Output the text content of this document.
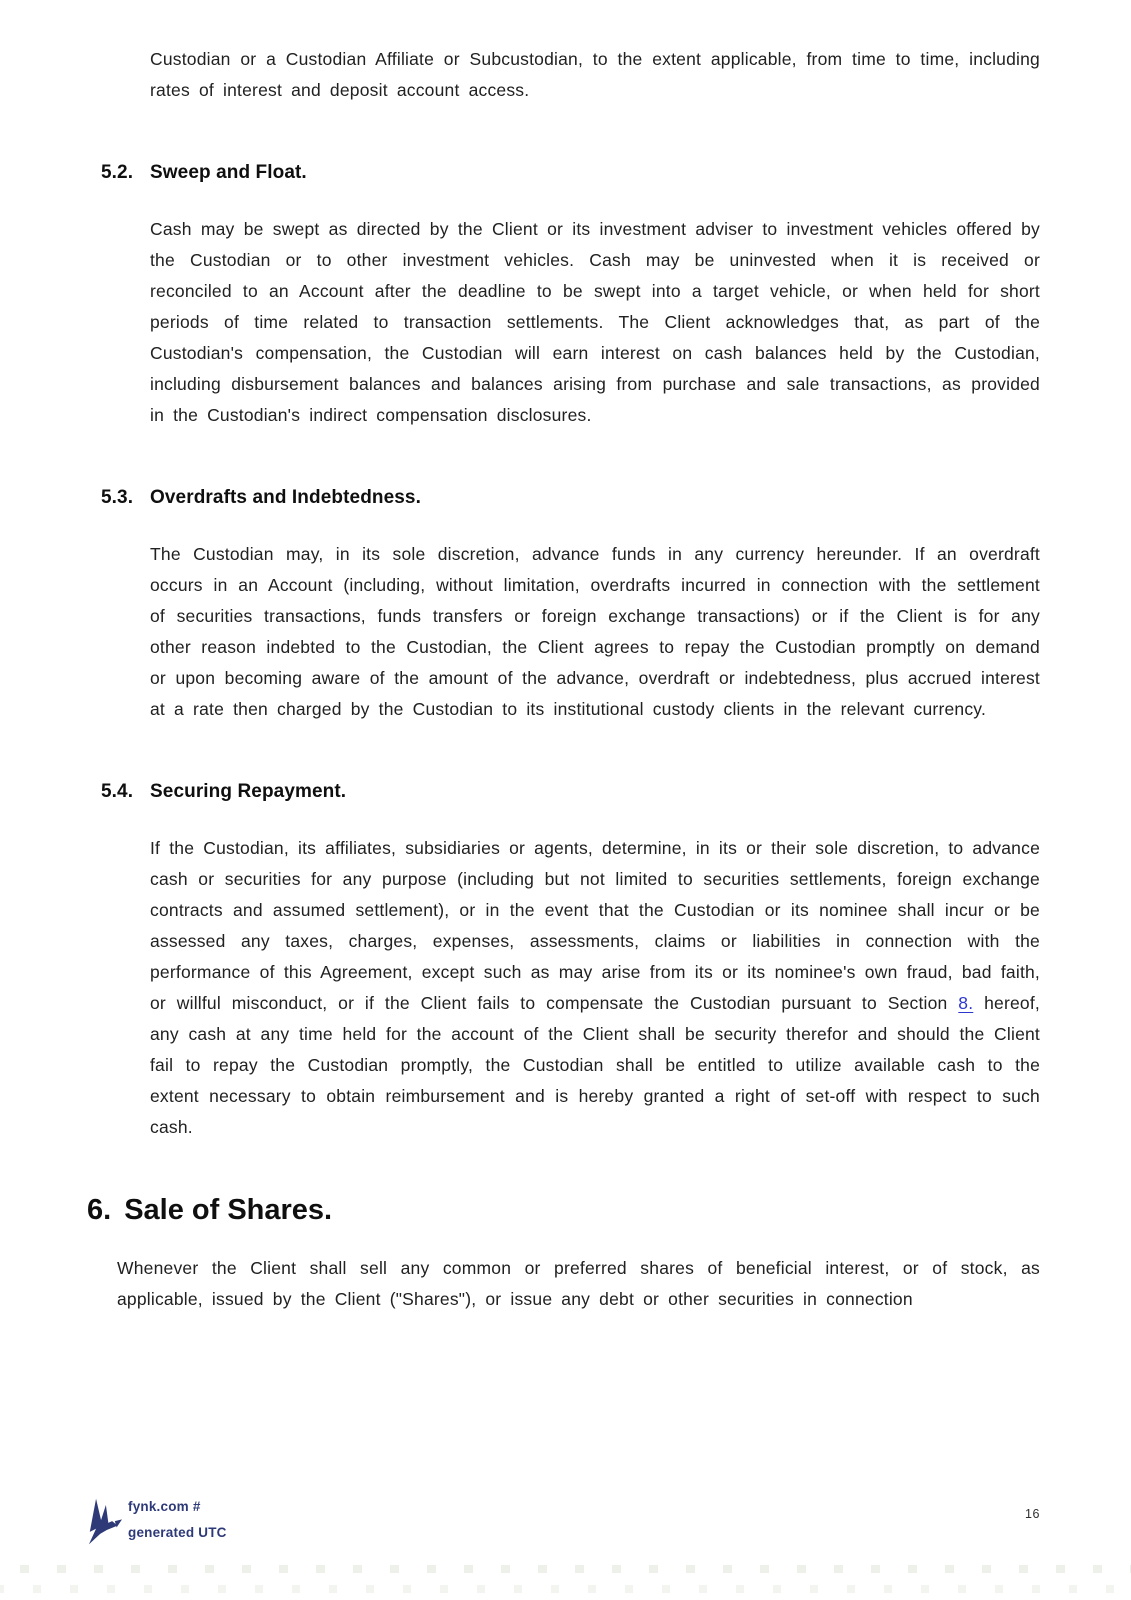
Custodian or a Custodian Affiliate or Subcustodian, to the extent applicable, from time to time, including rates of interest and deposit account access.

5.2. Sweep and Float.

Cash may be swept as directed by the Client or its investment adviser to investment vehicles offered by the Custodian or to other investment vehicles. Cash may be uninvested when it is received or reconciled to an Account after the deadline to be swept into a target vehicle, or when held for short periods of time related to transaction settlements. The Client acknowledges that, as part of the Custodian's compensation, the Custodian will earn interest on cash balances held by the Custodian, including disbursement balances and balances arising from purchase and sale transactions, as provided in the Custodian's indirect compensation disclosures.

5.3. Overdrafts and Indebtedness.

The Custodian may, in its sole discretion, advance funds in any currency hereunder. If an overdraft occurs in an Account (including, without limitation, overdrafts incurred in connection with the settlement of securities transactions, funds transfers or foreign exchange transactions) or if the Client is for any other reason indebted to the Custodian, the Client agrees to repay the Custodian promptly on demand or upon becoming aware of the amount of the advance, overdraft or indebtedness, plus accrued interest at a rate then charged by the Custodian to its institutional custody clients in the relevant currency.

5.4. Securing Repayment.

If the Custodian, its affiliates, subsidiaries or agents, determine, in its or their sole discretion, to advance cash or securities for any purpose (including but not limited to securities settlements, foreign exchange contracts and assumed settlement), or in the event that the Custodian or its nominee shall incur or be assessed any taxes, charges, expenses, assessments, claims or liabilities in connection with the performance of this Agreement, except such as may arise from its or its nominee's own fraud, bad faith, or willful misconduct, or if the Client fails to compensate the Custodian pursuant to Section 8. hereof, any cash at any time held for the account of the Client shall be security therefor and should the Client fail to repay the Custodian promptly, the Custodian shall be entitled to utilize available cash to the extent necessary to obtain reimbursement and is hereby granted a right of set-off with respect to such cash.

6. Sale of Shares.

Whenever the Client shall sell any common or preferred shares of beneficial interest, or of stock, as applicable, issued by the Client ("Shares"), or issue any debt or other securities in connection

fynk.com #
generated UTC
16
